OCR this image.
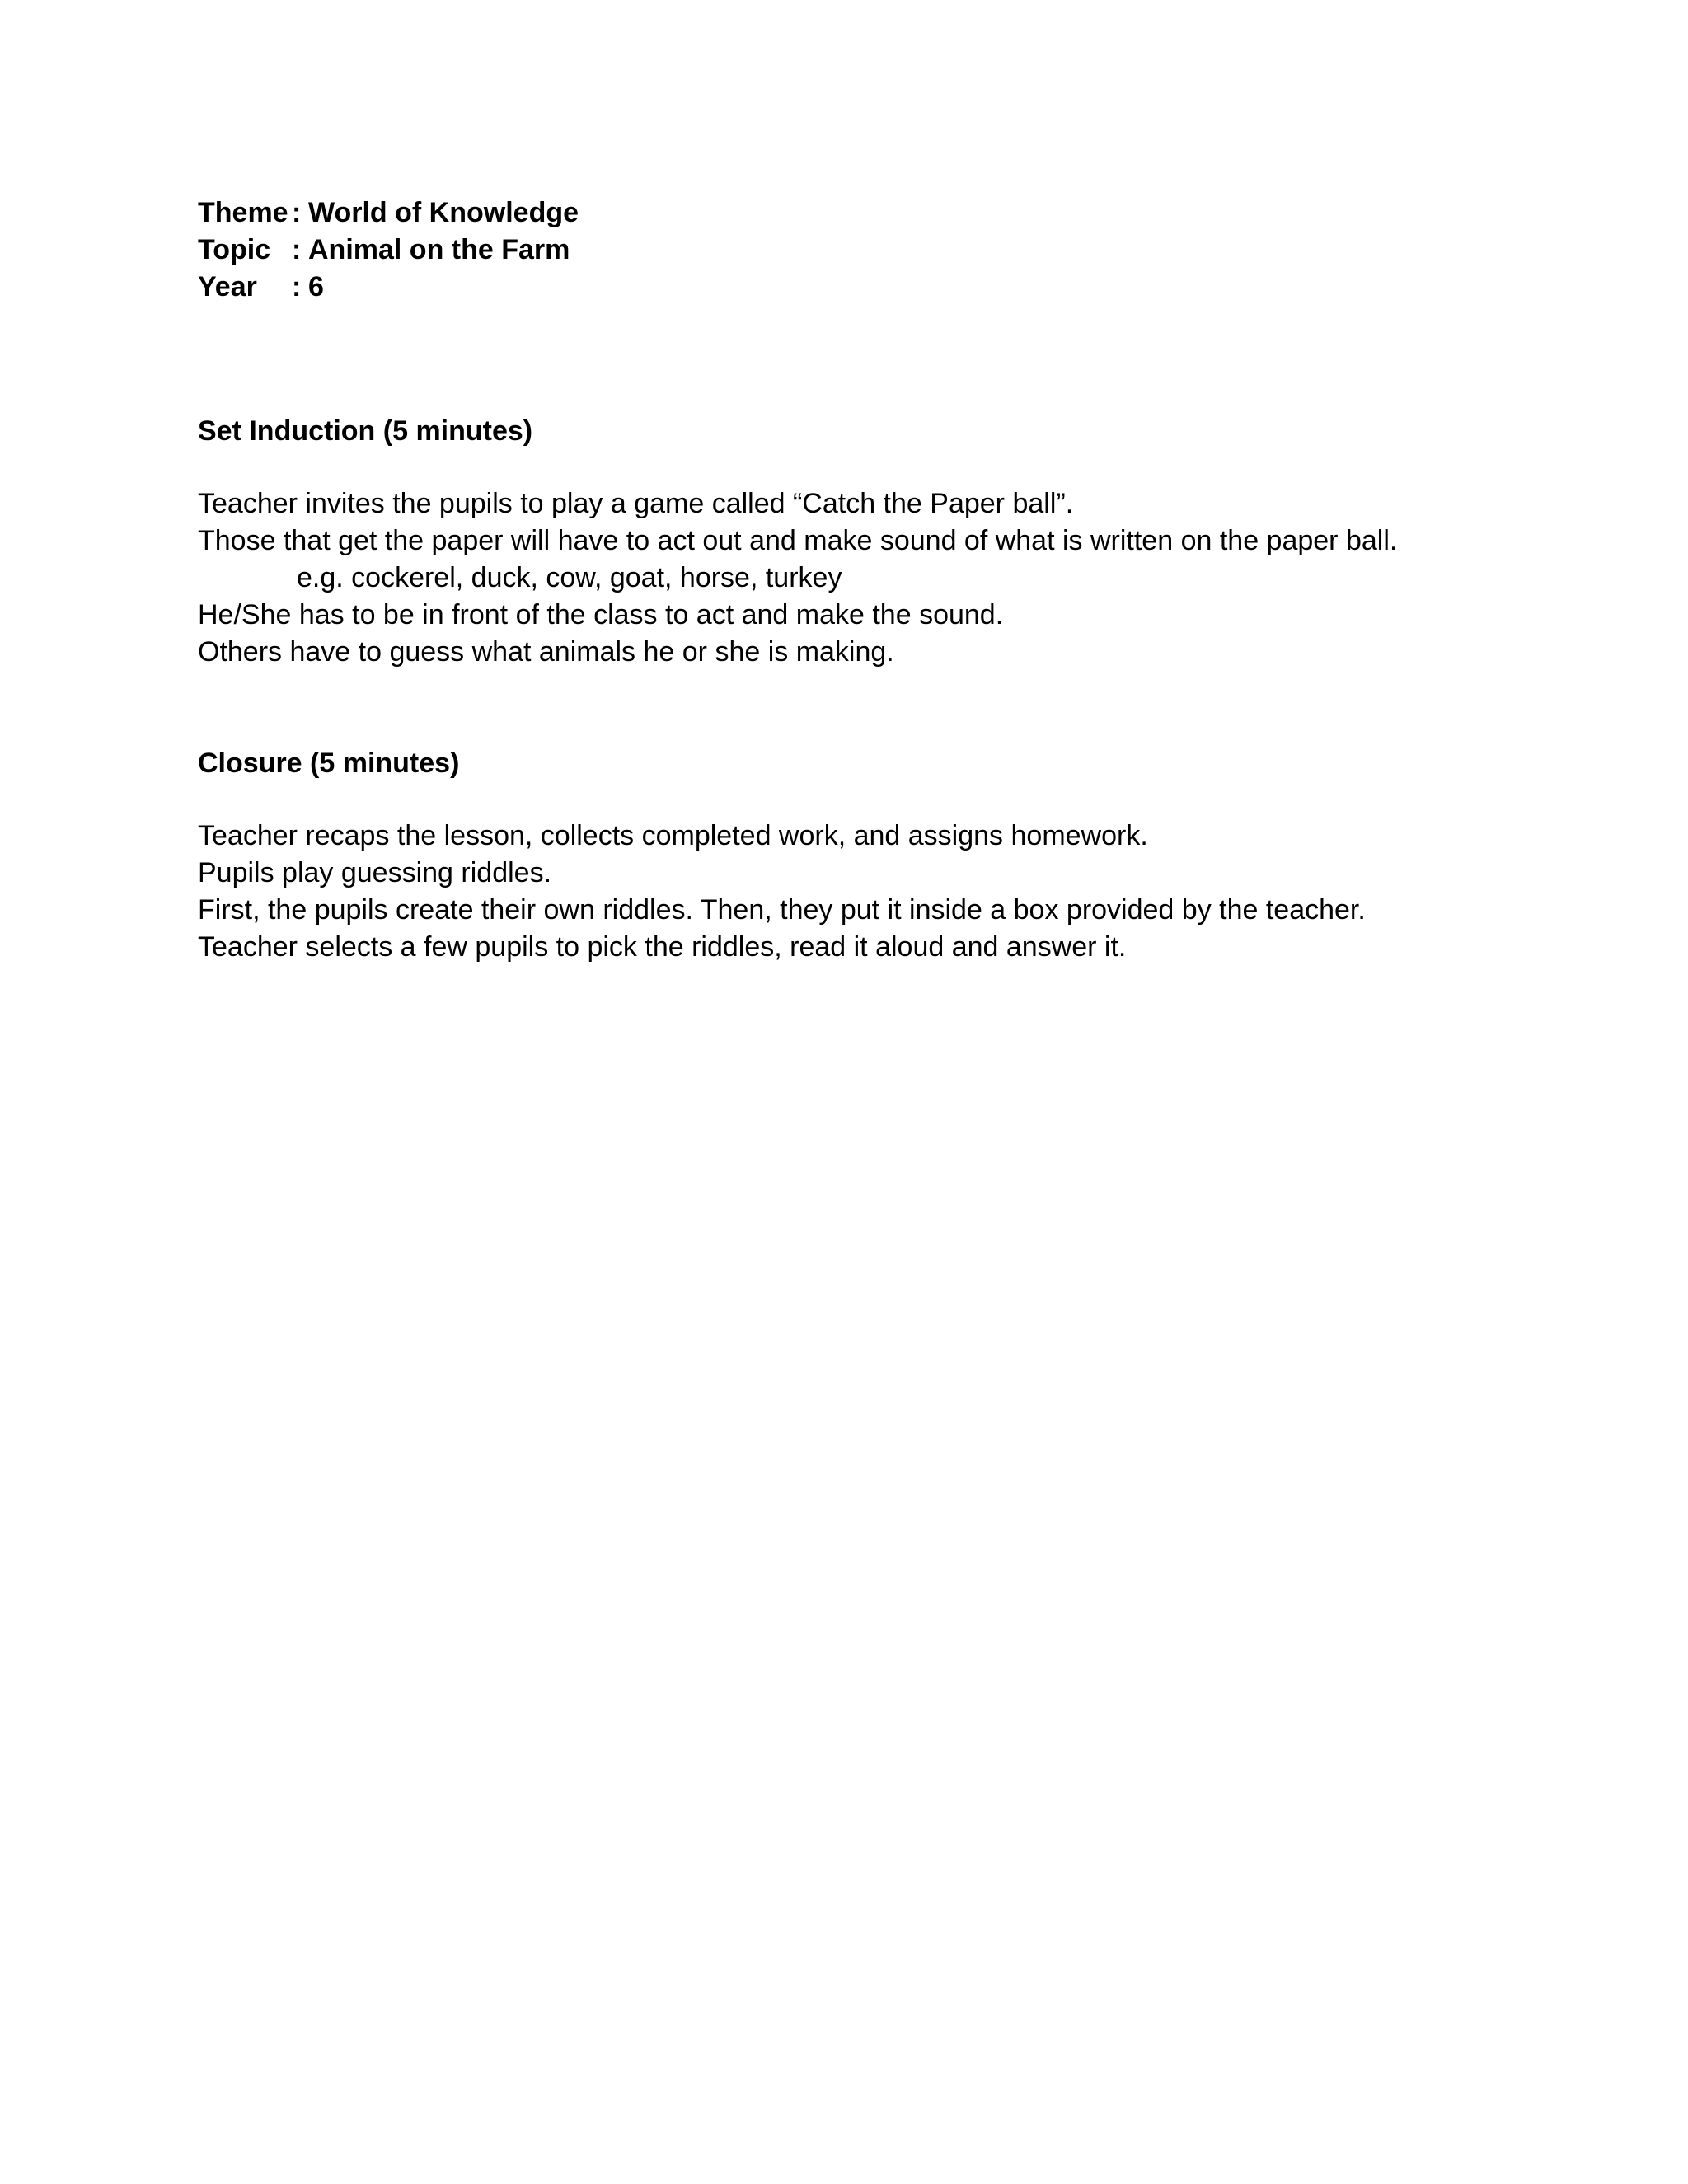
Theme : World of Knowledge
Topic : Animal on the Farm
Year	: 6
Set Induction (5 minutes)
Teacher invites the pupils to play a game called “Catch the Paper ball”.
Those that get the paper will have to act out and make sound of what is written on the paper ball.
e.g. cockerel, duck, cow, goat, horse, turkey
He/She has to be in front of the class to act and make the sound.
Others have to guess what animals he or she is making.
Closure (5 minutes)
Teacher recaps the lesson, collects completed work, and assigns homework.
Pupils play guessing riddles.
First, the pupils create their own riddles. Then, they put it inside a box provided by the teacher.
Teacher selects a few pupils to pick the riddles, read it aloud and answer it.
